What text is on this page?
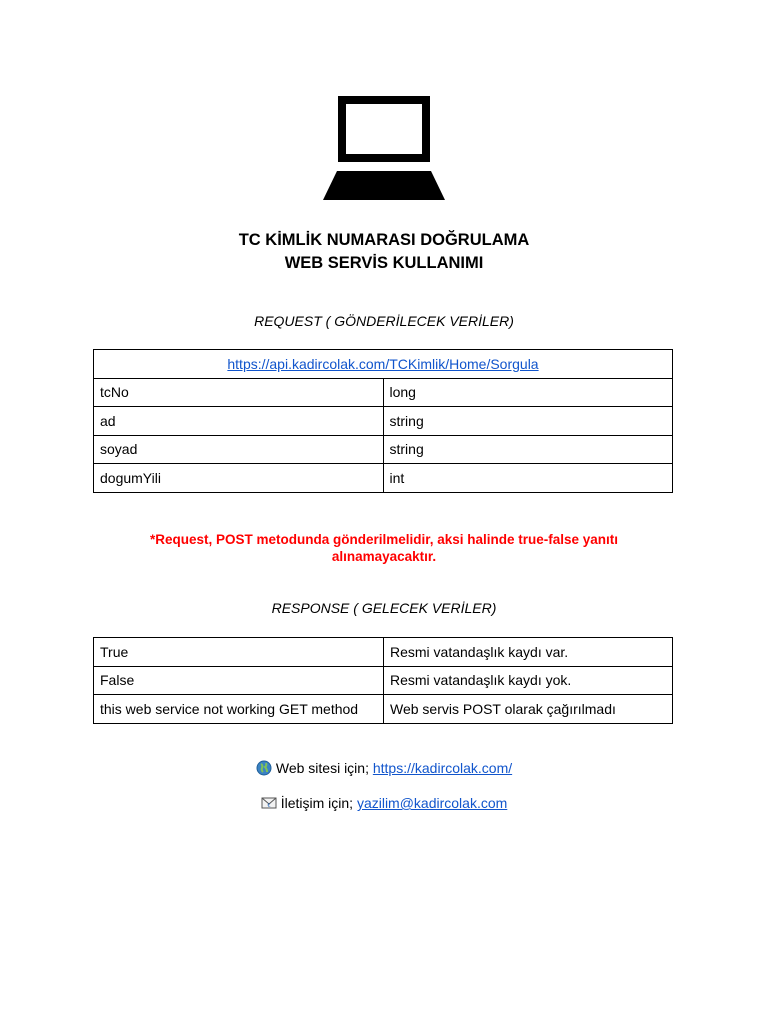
TC KİMLİK NUMARASI DOĞRULAMA
WEB SERVİS KULLANIMI
REQUEST ( GÖNDERİLECEK VERİLER)
https://api.kadircolak.com/TCKimlik/Home/Sorgula	
tcNo	long
ad	string
soyad	string
dogumYili	int
*Request, POST metodunda gönderilmelidir, aksi halinde true-false yanıtı
alınamayacaktır.
RESPONSE ( GELECEK VERİLER)
True	Resmi vatandaşlık kaydı var.
False	Resmi vatandaşlık kaydı yok.
this web service not working GET method	Web servis POST olarak çağırılmadı
Web sitesi için; https://kadircolak.com/
€ İletişim için; yazilim@kadircolak.com
